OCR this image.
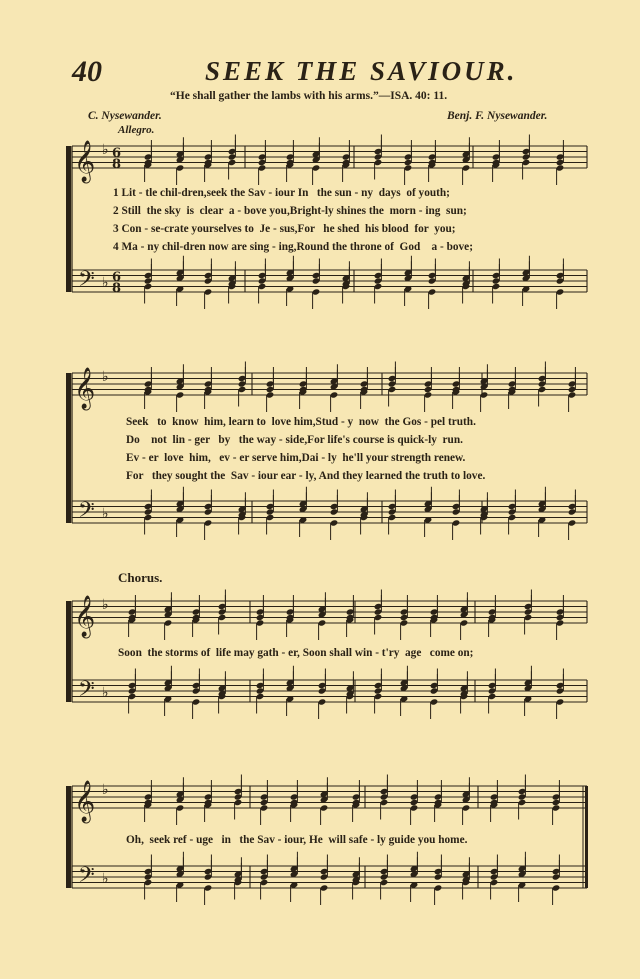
40	SEEK THE SAVIOUR.
“He shall gather the lambs with his arms.”—ISA. 40: 11.
C. Nysewander.	Benj. F. Nysewander.
Allegro.
Chorus.
1 Lit - tle chil-dren,seek the Sav - iour In   the sun - ny  days  of youth;
2 Still  the sky  is  clear  a - bove you,Bright-ly shines the  morn - ing  sun;
3 Con - se-crate yourselves to  Je - sus,For   he shed  his blood  for  you;
4 Ma - ny chil-dren now are sing - ing,Round the throne of  God    a - bove;
Seek   to  know  him, learn to  love him,Stud - y  now  the Gos - pel truth.
Do    not  lin - ger   by   the way - side,For life's course is quick-ly  run.
Ev - er  love  him,   ev - er serve him,Dai - ly  he'll your strength renew.
For   they sought the  Sav - iour ear - ly, And they learned the truth to love.
Soon  the storms of  life may gath - er, Soon shall win - t'ry  age   come on;
Oh,  seek ref - uge   in   the Sav - iour, He  will safe - ly guide you home.
𝄞
𝄢
♭
♭
6
8
6
8
𝄞
𝄢
♭
♭
𝄞
𝄢
♭
♭
𝄞
𝄢
♭
♭
